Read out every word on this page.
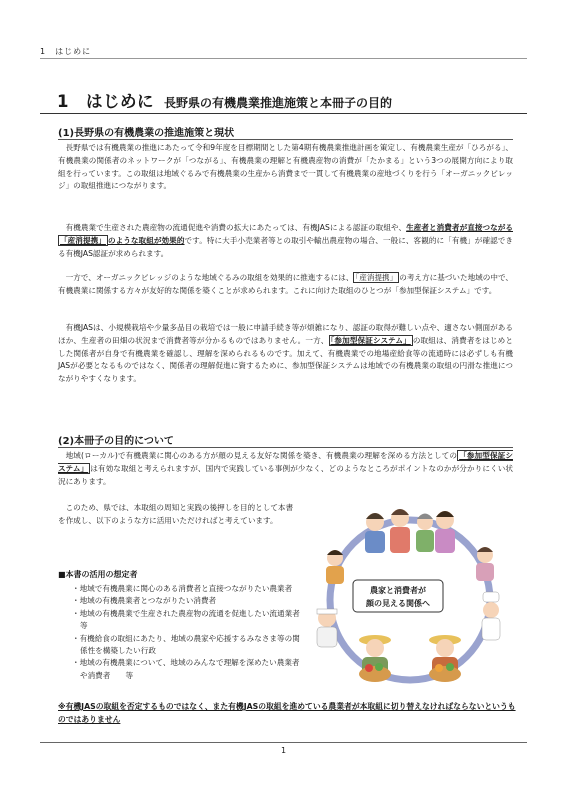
1　はじめに
1　はじめに 長野県の有機農業推進施策と本冊子の目的
(1)長野県の有機農業の推進施策と現状

長野県では有機農業の推進にあたって令和9年度を目標期間とした第4期有機農業推進計画を策定し、有機農業生産が「ひろがる」、有機農業の関係者のネットワークが「つながる」、有機農業の理解と有機農産物の消費が「たかまる」という3つの展開方向により取組を行っています。この取組は地域ぐるみで有機農業の生産から消費まで一貫して有機農業の産地づくりを行う「オーガニックビレッジ」の取組推進につながります。

有機農業で生産された農産物の流通促進や消費の拡大にあたっては、有機JASによる認証の取組や、生産者と消費者が直接つながる「産消提携」 のような取組が効果的です。特に大手小売業者等との取引や輸出農産物の場合、一般に、客観的に「有機」が確認できる有機JAS認証が求められます。

一方で、オーガニックビレッジのような地域ぐるみの取組を効果的に推進するには、 「産消提携」 の考え方に基づいた地域の中で、有機農業に関係する方々が友好的な関係を築くことが求められます。これに向けた取組のひとつが「参加型保証システム」です。

有機JASは、小規模栽培や少量多品目の栽培では一般に申請手続き等が煩雑になり、認証の取得が難しい点や、適さない側面があるほか、生産者の田畑の状況まで消費者等が分かるものではありません。一方、 「参加型保証システム」 の取組は、消費者をはじめとした関係者が自身で有機農業を確認し、理解を深められるものです。加えて、有機農業での地場産給食等の流通時には必ずしも有機JASが必要となるものではなく、関係者の理解促進に資するために、参加型保証システムは地域での有機農業の取組の円滑な推進につながりやすくなります。

(2)本冊子の目的について

地域(ローカル)で有機農業に関心のある方が顔の見える友好な関係を築き、有機農業の理解を深める方法としての 「参加型保証システム」 は有効な取組と考えられますが、国内で実践している事例が少なく、どのようなところがポイントなのかが分かりにくい状況にあります。

このため、県では、本取組の周知と実践の後押しを目的として本書を作成し、以下のような方に活用いただければと考えています。

■本書の活用の想定者
・地域で有機農業に関心のある消費者と直接つながりたい農業者
・地域の有機農業者とつながりたい消費者
・地域の有機農業で生産された農産物の流通を促進したい流通業者等
・有機給食の取組にあたり、地域の農家や応援するみなさま等の関係性を構築したい行政
・地域の有機農業について、地域のみんなで理解を深めたい農業者や消費者　　等
農家と消費者が
顔の見える関係へ

※有機JASの取組を否定するものではなく、また有機JASの取組を進めている農業者が本取組に切り替えなければならないというものではありません

1
